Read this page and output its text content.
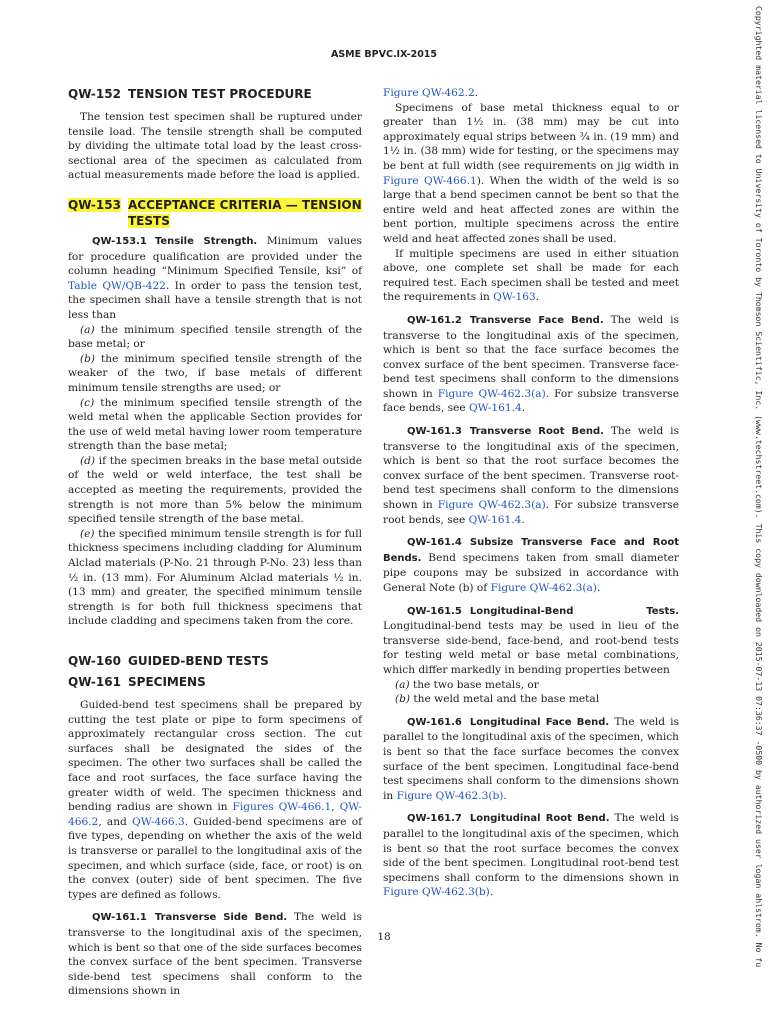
ASME BPVC.IX-2015
QW-152 TENSION TEST PROCEDURE

The tension test specimen shall be ruptured under tensile load. The tensile strength shall be computed by dividing the ultimate total load by the least cross-sectional area of the specimen as calculated from actual measurements made before the load is applied.

QW-153 ACCEPTANCE CRITERIA — TENSION
TESTS

QW-153.1 Tensile Strength. Minimum values for procedure qualification are provided under the column heading “Minimum Specified Tensile, ksi” of Table QW/QB-422. In order to pass the tension test, the specimen shall have a tensile strength that is not less than

(a) the minimum specified tensile strength of the base metal; or

(b) the minimum specified tensile strength of the weaker of the two, if base metals of different minimum tensile strengths are used; or

(c) the minimum specified tensile strength of the weld metal when the applicable Section provides for the use of weld metal having lower room temperature strength than the base metal;

(d) if the specimen breaks in the base metal outside of the weld or weld interface, the test shall be accepted as meeting the requirements, provided the strength is not more than 5% below the minimum specified tensile strength of the base metal.

(e) the specified minimum tensile strength is for full thickness specimens including cladding for Aluminum Alclad materials (P-No. 21 through P-No. 23) less than ½ in. (13 mm). For Aluminum Alclad materials ½ in. (13 mm) and greater, the specified minimum tensile strength is for both full thickness specimens that include cladding and specimens taken from the core.

QW-160 GUIDED-BEND TESTS
QW-161 SPECIMENS

Guided-bend test specimens shall be prepared by cutting the test plate or pipe to form specimens of approximately rectangular cross section. The cut surfaces shall be designated the sides of the specimen. The other two surfaces shall be called the face and root surfaces, the face surface having the greater width of weld. The specimen thickness and bending radius are shown in Figures QW-466.1, QW-466.2, and QW-466.3. Guided-bend specimens are of five types, depending on whether the axis of the weld is transverse or parallel to the longitudinal axis of the specimen, and which surface (side, face, or root) is on the convex (outer) side of bent specimen. The five types are defined as follows.

QW-161.1 Transverse Side Bend. The weld is transverse to the longitudinal axis of the specimen, which is bent so that one of the side surfaces becomes the convex surface of the bent specimen. Transverse side-bend test specimens shall conform to the dimensions shown in

Figure QW-462.2.

Specimens of base metal thickness equal to or greater than 1½ in. (38 mm) may be cut into approximately equal strips between ¾ in. (19 mm) and 1½ in. (38 mm) wide for testing, or the specimens may be bent at full width (see requirements on jig width in Figure QW-466.1). When the width of the weld is so large that a bend specimen cannot be bent so that the entire weld and heat affected zones are within the bent portion, multiple specimens across the entire weld and heat affected zones shall be used.

If multiple specimens are used in either situation above, one complete set shall be made for each required test. Each specimen shall be tested and meet the requirements in QW-163.

QW-161.2 Transverse Face Bend. The weld is transverse to the longitudinal axis of the specimen, which is bent so that the face surface becomes the convex surface of the bent specimen. Transverse face-bend test specimens shall conform to the dimensions shown in Figure QW-462.3(a). For subsize transverse face bends, see QW-161.4.

QW-161.3 Transverse Root Bend. The weld is transverse to the longitudinal axis of the specimen, which is bent so that the root surface becomes the convex surface of the bent specimen. Transverse root-bend test specimens shall conform to the dimensions shown in Figure QW-462.3(a). For subsize transverse root bends, see QW-161.4.

QW-161.4 Subsize Transverse Face and Root Bends. Bend specimens taken from small diameter pipe coupons may be subsized in accordance with General Note (b) of Figure QW-462.3(a).

QW-161.5 Longitudinal-Bend Tests. Longitudinal-bend tests may be used in lieu of the transverse side-bend, face-bend, and root-bend tests for testing weld metal or base metal combinations, which differ markedly in bending properties between

(a) the two base metals, or

(b) the weld metal and the base metal

QW-161.6 Longitudinal Face Bend. The weld is parallel to the longitudinal axis of the specimen, which is bent so that the face surface becomes the convex surface of the bent specimen. Longitudinal face-bend test specimens shall conform to the dimensions shown in Figure QW-462.3(b).

QW-161.7 Longitudinal Root Bend. The weld is parallel to the longitudinal axis of the specimen, which is bent so that the root surface becomes the convex side of the bent specimen. Longitudinal root-bend test specimens shall conform to the dimensions shown in Figure QW-462.3(b).

18	Copyrighted material licensed to University of Toronto by Thomson Scientific, Inc. (www.techstreet.com). This copy downloaded on 2015-07-13 07:36:37 -0500 by authorized user logan ahlstrom. No fu
